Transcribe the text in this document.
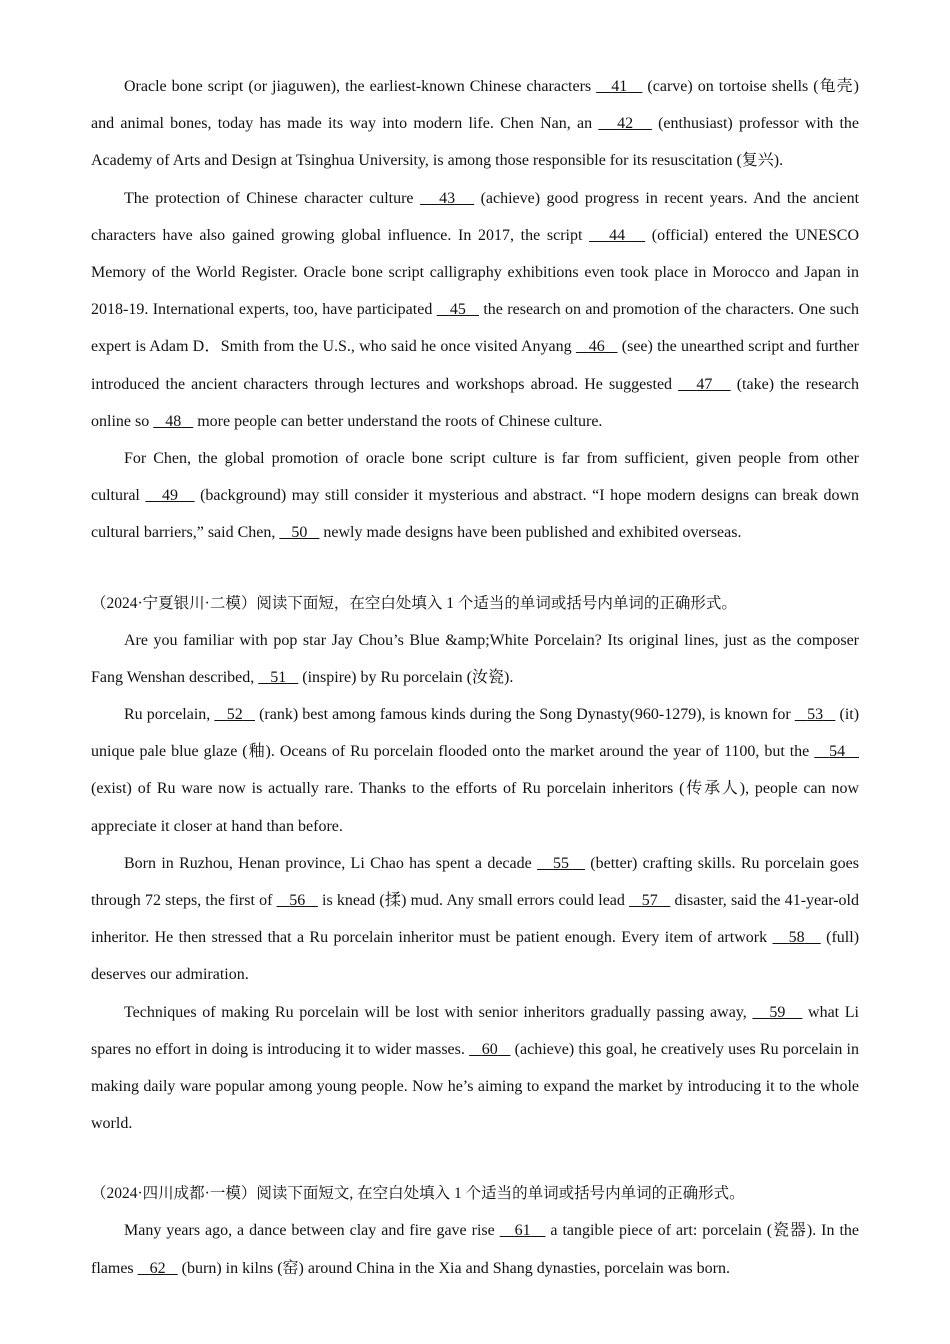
Oracle bone script (or jiaguwen), the earliest-known Chinese characters    41    (carve) on tortoise shells (龟壳) and animal bones, today has made its way into modern life. Chen Nan, an    42    (enthusiast) professor with the Academy of Arts and Design at Tsinghua University, is among those responsible for its resuscitation (复兴).

The protection of Chinese character culture    43    (achieve) good progress in recent years. And the ancient characters have also gained growing global influence. In 2017, the script    44    (official) entered the UNESCO Memory of the World Register. Oracle bone script calligraphy exhibitions even took place in Morocco and Japan in 2018-19. International experts, too, have participated    45    the research on and promotion of the characters. One such expert is Adam D．Smith from the U.S., who said he once visited Anyang    46    (see) the unearthed script and further introduced the ancient characters through lectures and workshops abroad. He suggested    47    (take) the research online so    48    more people can better understand the roots of Chinese culture.

For Chen, the global promotion of oracle bone script culture is far from sufficient, given people from other cultural    49    (background) may still consider it mysterious and abstract. “I hope modern designs can break down cultural barriers,” said Chen,    50    newly made designs have been published and exhibited overseas.

（2024·宁夏银川·二模）阅读下面短，在空白处填入 1 个适当的单词或括号内单词的正确形式。

Are you familiar with pop star Jay Chou’s Blue &amp;White Porcelain? Its original lines, just as the composer Fang Wenshan described,    51    (inspire) by Ru porcelain (汝瓷).

Ru porcelain,    52    (rank) best among famous kinds during the Song Dynasty(960-1279), is known for    53    (it) unique pale blue glaze (釉). Oceans of Ru porcelain flooded onto the market around the year of 1100, but the    54    (exist) of Ru ware now is actually rare. Thanks to the efforts of Ru porcelain inheritors (传承人), people can now appreciate it closer at hand than before.

Born in Ruzhou, Henan province, Li Chao has spent a decade    55    (better) crafting skills. Ru porcelain goes through 72 steps, the first of    56    is knead (揉) mud. Any small errors could lead    57    disaster, said the 41-year-old inheritor. He then stressed that a Ru porcelain inheritor must be patient enough. Every item of artwork    58    (full) deserves our admiration.

Techniques of making Ru porcelain will be lost with senior inheritors gradually passing away,    59    what Li spares no effort in doing is introducing it to wider masses.    60    (achieve) this goal, he creatively uses Ru porcelain in making daily ware popular among young people. Now he’s aiming to expand the market by introducing it to the whole world.

（2024·四川成都·一模）阅读下面短文, 在空白处填入 1 个适当的单词或括号内单词的正确形式。

Many years ago, a dance between clay and fire gave rise    61    a tangible piece of art: porcelain (瓷器). In the flames    62    (burn) in kilns (窑) around China in the Xia and Shang dynasties, porcelain was born.
